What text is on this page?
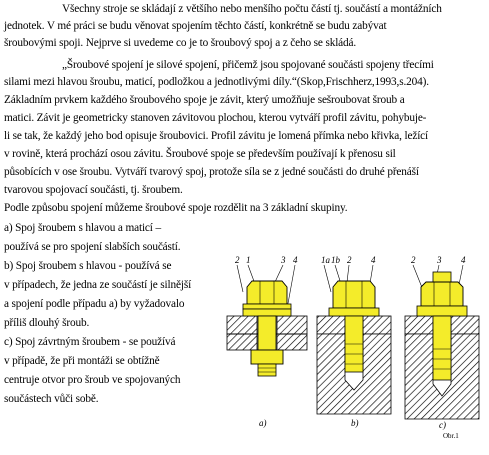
Všechny stroje se skládají z většího nebo menšího počtu částí tj. součástí a montážních
jednotek. V mé práci se budu věnovat spojením těchto částí, konkrétně se budu zabývat
šroubovými spoji. Nejprve si uvedeme co je to šroubový spoj a z čeho se skládá.
„Šroubové spojení je silové spojení, přičemž jsou spojované součásti spojeny třecími
silami mezi hlavou šroubu, maticí, podložkou a jednotlivými díly.“(Skop,Frischherz,1993,s.204).
Základním prvkem každého šroubového spoje je závit, který umožňuje sešroubovat šroub a
matici. Závit je geometricky stanoven závitovou plochou, kterou vytváří profil závitu, pohybuje-
li se tak, že každý jeho bod opisuje šroubovici. Profil závitu je lomená přímka nebo křivka, ležící
v rovině, která prochází osou závitu. Šroubové spoje se především používají k přenosu sil
působících v ose šroubu. Vytváří tvarový spoj, protože síla se z jedné součásti do druhé přenáší
tvarovou spojovací součásti, tj. šroubem.
Podle způsobu spojení můžeme šroubové spoje rozdělit na 3 základní skupiny.
a) Spoj šroubem s hlavou a maticí –
používá se pro spojení slabších součástí.
b) Spoj šroubem s hlavou - používá se
v případech, že jedna ze součástí je silnější
a spojení podle případu a) by vyžadovalo
příliš dlouhý šroub.
c) Spoj závrtným šroubem - se používá
v případě, že při montáži se obtížně
centruje otvor pro šroub ve spojovaných
součástech vůči sobě.
2 1	3 4	1a 1b 2 4	2 3 4
a)	b)	c)
Obr.1
